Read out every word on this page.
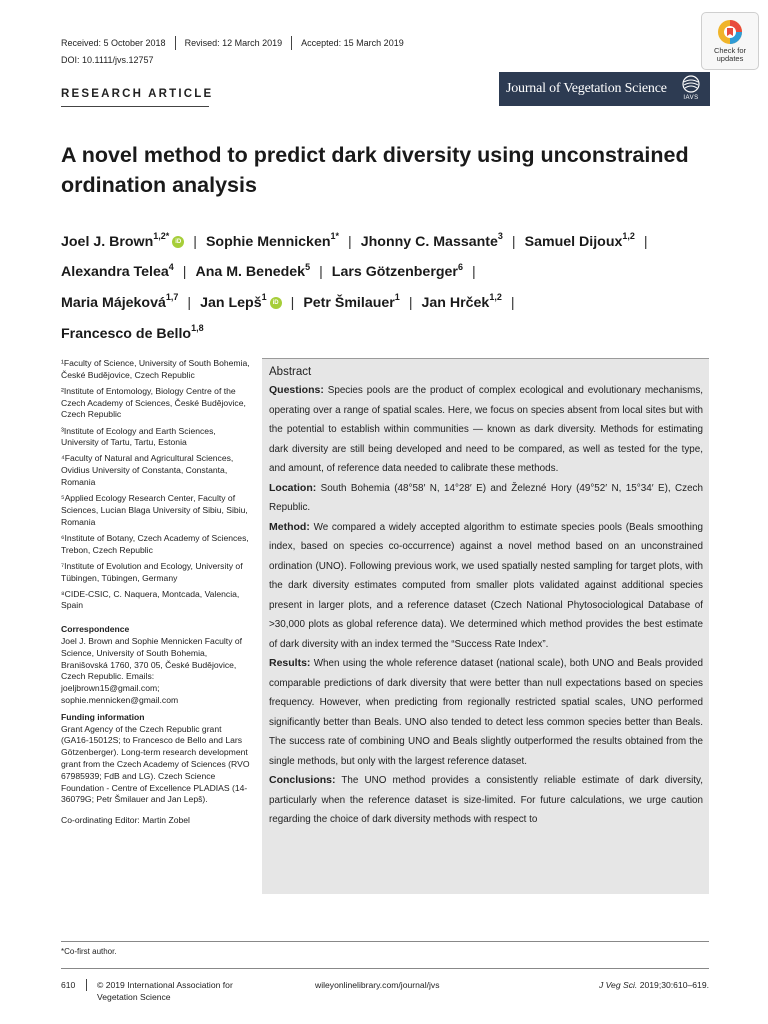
Received: 5 October 2018 Revised: 12 March 2019 Accepted: 15 March 2019
DOI: 10.1111/jvs.12757
Check for
updates
RESEARCH ARTICLE	Journal of Vegetation Science
IAVS
A novel method to predict dark diversity using unconstrained ordination analysis
Joel J. Brown$^{1,2*}$iD | Sophie Mennicken$^{1*}$ | Jhonny C. Massante$^3$ | Samuel Dijoux$^{1,2}$ |
Alexandra Telea$^4$ | Ana M. Benedek$^5$ | Lars Götzenberger$^6$ |
Maria Májeková$^{1,7}$ | Jan Lepš$^1$iD | Petr Šmilauer$^1$ | Jan Hrček$^{1,2}$ |
Francesco de Bello$^{1,8}$

¹Faculty of Science, University of South Bohemia, České Budějovice, Czech Republic

²Institute of Entomology, Biology Centre of the Czech Academy of Sciences, České Budějovice, Czech Republic

³Institute of Ecology and Earth Sciences, University of Tartu, Tartu, Estonia

⁴Faculty of Natural and Agricultural Sciences, Ovidius University of Constanta, Constanta, Romania

⁵Applied Ecology Research Center, Faculty of Sciences, Lucian Blaga University of Sibiu, Sibiu, Romania

⁶Institute of Botany, Czech Academy of Sciences, Trebon, Czech Republic

⁷Institute of Evolution and Ecology, University of Tübingen, Tübingen, Germany

⁸CIDE-CSIC, C. Naquera, Montcada, Valencia, Spain

Correspondence

Joel J. Brown and Sophie Mennicken Faculty of Science, University of South Bohemia, Branišovská 1760, 370 05, České Budějovice, Czech Republic. Emails: joeljbrown15@gmail.com; sophie.mennicken@gmail.com

Funding information

Grant Agency of the Czech Republic grant (GA16-15012S; to Francesco de Bello and Lars Götzenberger). Long-term research development grant from the Czech Academy of Sciences (RVO 67985939; FdB and LG). Czech Science Foundation - Centre of Excellence PLADIAS (14-36079G; Petr Šmilauer and Jan Lepš).

Co-ordinating Editor: Martin Zobel

Abstract

Questions: Species pools are the product of complex ecological and evolutionary mechanisms, operating over a range of spatial scales. Here, we focus on species absent from local sites but with the potential to establish within communities — known as dark diversity. Methods for estimating dark diversity are still being developed and need to be compared, as well as tested for the type, and amount, of reference data needed to calibrate these methods.

Location: South Bohemia (48°58′ N, 14°28′ E) and Železné Hory (49°52′ N, 15°34′ E), Czech Republic.

Method: We compared a widely accepted algorithm to estimate species pools (Beals smoothing index, based on species co-occurrence) against a novel method based on an unconstrained ordination (UNO). Following previous work, we used spatially nested sampling for target plots, with the dark diversity estimates computed from smaller plots validated against additional species present in larger plots, and a reference dataset (Czech National Phytosociological Database of >30,000 plots as global reference data). We determined which method provides the best estimate of dark diversity with an index termed the “Success Rate Index”.

Results: When using the whole reference dataset (national scale), both UNO and Beals provided comparable predictions of dark diversity that were better than null expectations based on species frequency. However, when predicting from regionally restricted spatial scales, UNO performed significantly better than Beals. UNO also tended to detect less common species better than Beals. The success rate of combining UNO and Beals slightly outperformed the results obtained from the single methods, but only with the largest reference dataset.

Conclusions: The UNO method provides a consistently reliable estimate of dark diversity, particularly when the reference dataset is size-limited. For future calculations, we urge caution regarding the choice of dark diversity methods with respect to

*Co-first author.
610	© 2019 International Association for Vegetation Science
wileyonlinelibrary.com/journal/jvs	J Veg Sci. 2019;30:610–619.
